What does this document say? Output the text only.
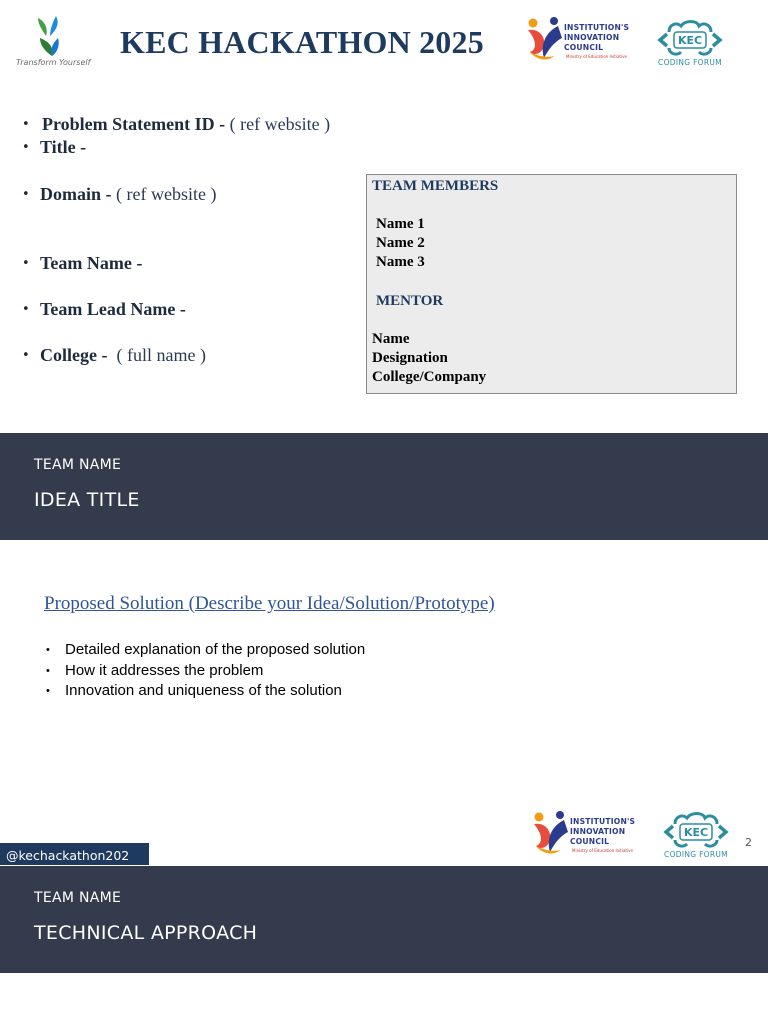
Transform Yourself
KEC HACKATHON 2025	INSTITUTION'S
INNOVATION
COUNCIL
Ministry of Education Initiative
KEC
CODING FORUM
• Problem Statement ID - ( ref website )
• Title -
• Domain - ( ref website )
• Team Name -
• Team Lead Name -
• College - ( full name )
TEAM MEMBERS
Name 1
Name 2
Name 3
MENTOR
Name
Designation
College/Company
TEAM NAME
IDEA TITLE
Proposed Solution (Describe your Idea/Solution/Prototype)
• Detailed explanation of the proposed solution
• How it addresses the problem
• Innovation and uniqueness of the solution
INSTITUTION'S
INNOVATION
COUNCIL
Ministry of Education Initiative
KEC
CODING FORUM
2
@kechackathon202
TEAM NAME
TECHNICAL APPROACH
